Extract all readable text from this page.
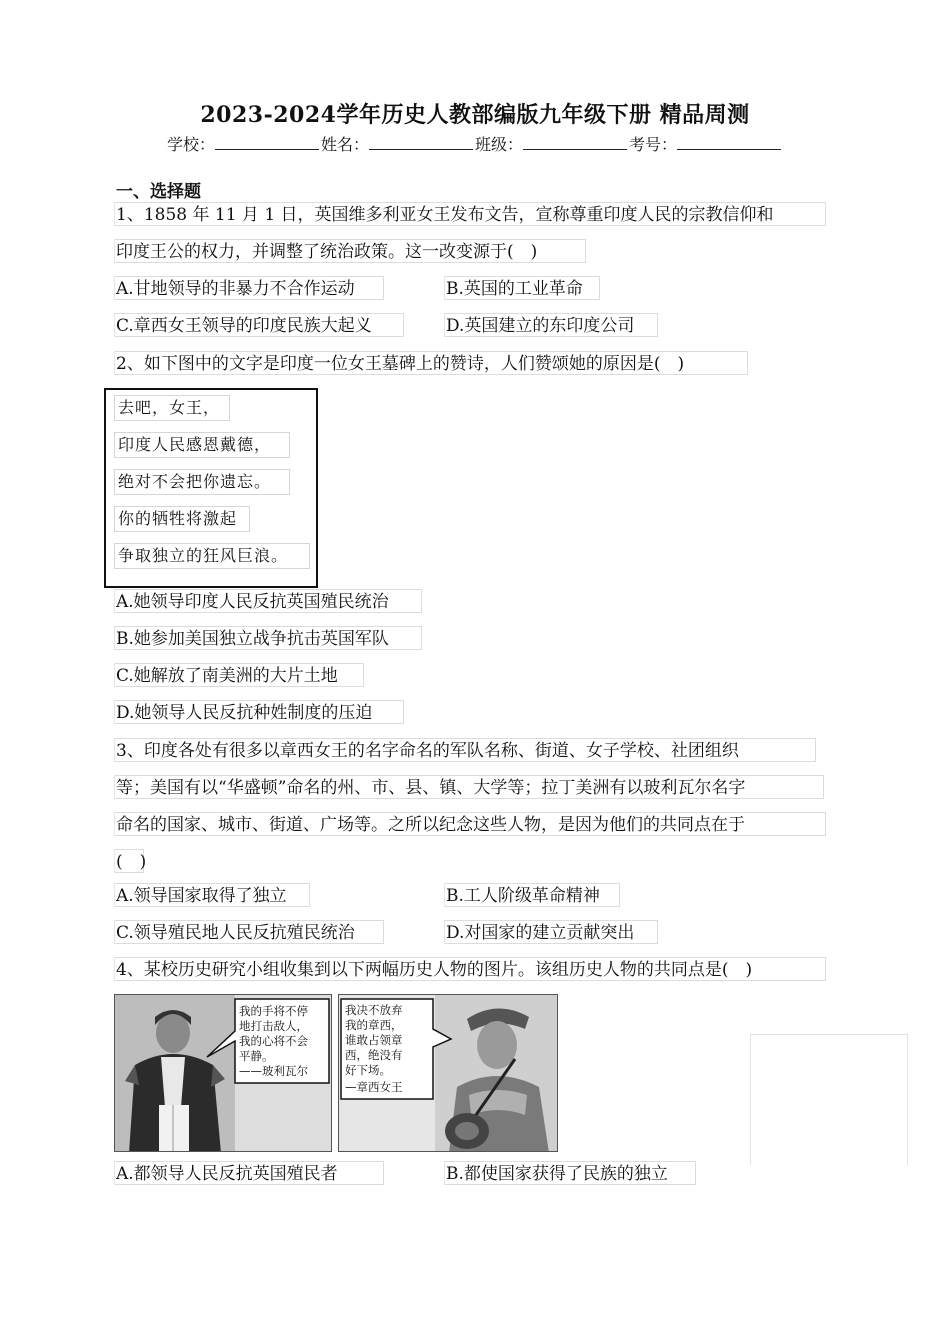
2023-2024学年历史人教部编版九年级下册 精品周测
学校：	姓名：	班级：	考号：
一、选择题
1、1858 年 11 月 1 日，英国维多利亚女王发布文告，宣称尊重印度人民的宗教信仰和
印度王公的权力，并调整了统治政策。这一改变源于(　)
A.甘地领导的非暴力不合作运动	B.英国的工业革命
C.章西女王领导的印度民族大起义	D.英国建立的东印度公司
2、如下图中的文字是印度一位女王墓碑上的赞诗，人们赞颂她的原因是(　)
去吧，女王，
印度人民感恩戴德，
绝对不会把你遗忘。
你的牺牲将激起
争取独立的狂风巨浪。
A.她领导印度人民反抗英国殖民统治
B.她参加美国独立战争抗击英国军队
C.她解放了南美洲的大片土地
D.她领导人民反抗种姓制度的压迫
3、印度各处有很多以章西女王的名字命名的军队名称、街道、女子学校、社团组织
等；美国有以“华盛顿”命名的州、市、县、镇、大学等；拉丁美洲有以玻利瓦尔名字
命名的国家、城市、街道、广场等。之所以纪念这些人物，是因为他们的共同点在于
(　)
A.领导国家取得了独立	B.工人阶级革命精神
C.领导殖民地人民反抗殖民统治	D.对国家的建立贡献突出
4、某校历史研究小组收集到以下两幅历史人物的图片。该组历史人物的共同点是(　)
我的手将不停
地打击敌人，
我的心将不会
平静。
——玻利瓦尔
我决不放弃
我的章西，
谁敢占领章
西，绝没有
好下场。
—章西女王
A.都领导人民反抗英国殖民者	B.都使国家获得了民族的独立
